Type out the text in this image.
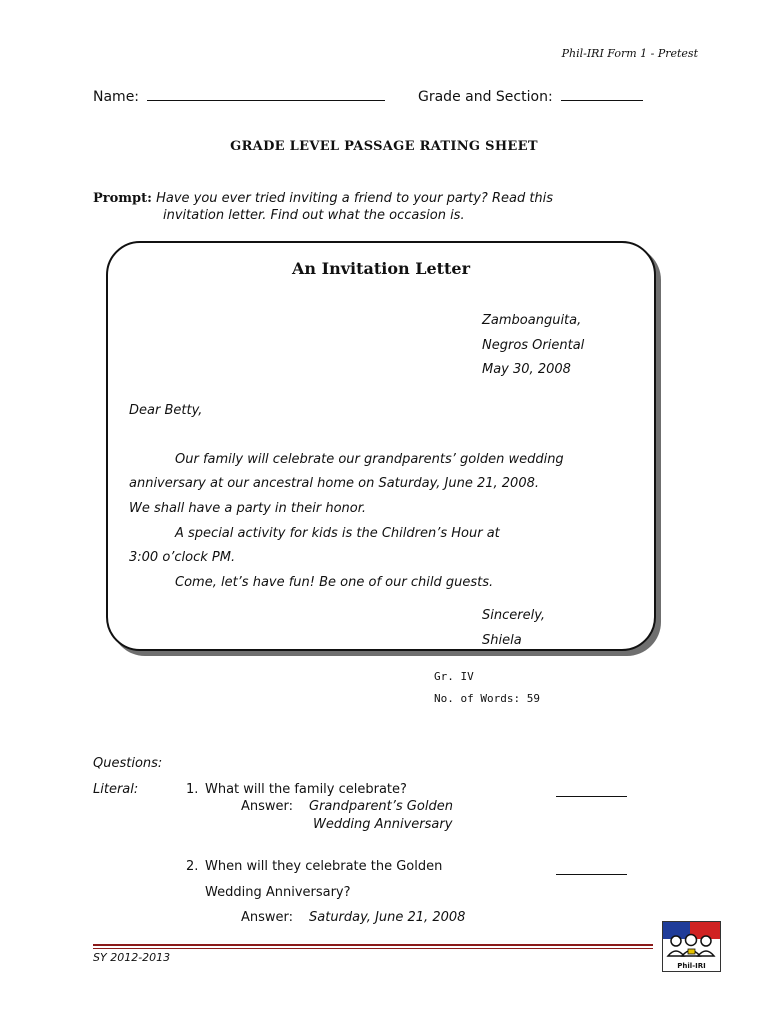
Phil-IRI Form 1 - Pretest
Name:	Grade and Section:
GRADE LEVEL PASSAGE RATING SHEET
Prompt: Have you ever tried inviting a friend to your party? Read this
invitation letter. Find out what the occasion is.
An Invitation Letter
Zamboanguita,
Negros Oriental
May 30, 2008
Dear Betty,
Our family will celebrate our grandparents’ golden wedding
anniversary at our ancestral home on Saturday, June 21, 2008.
We shall have a party in their honor.
A special activity for kids is the Children’s Hour at
3:00 o’clock PM.
Come, let’s have fun! Be one of our child guests.
Sincerely,
Shiela
Gr. IV
No. of Words: 59
Questions:
Literal:	1. What will the family celebrate?
Answer: Grandparent’s Golden
Wedding Anniversary
2. When will they celebrate the Golden
Wedding Anniversary?
Answer: Saturday, June 21, 2008
SY 2012-2013
Phil-IRI
